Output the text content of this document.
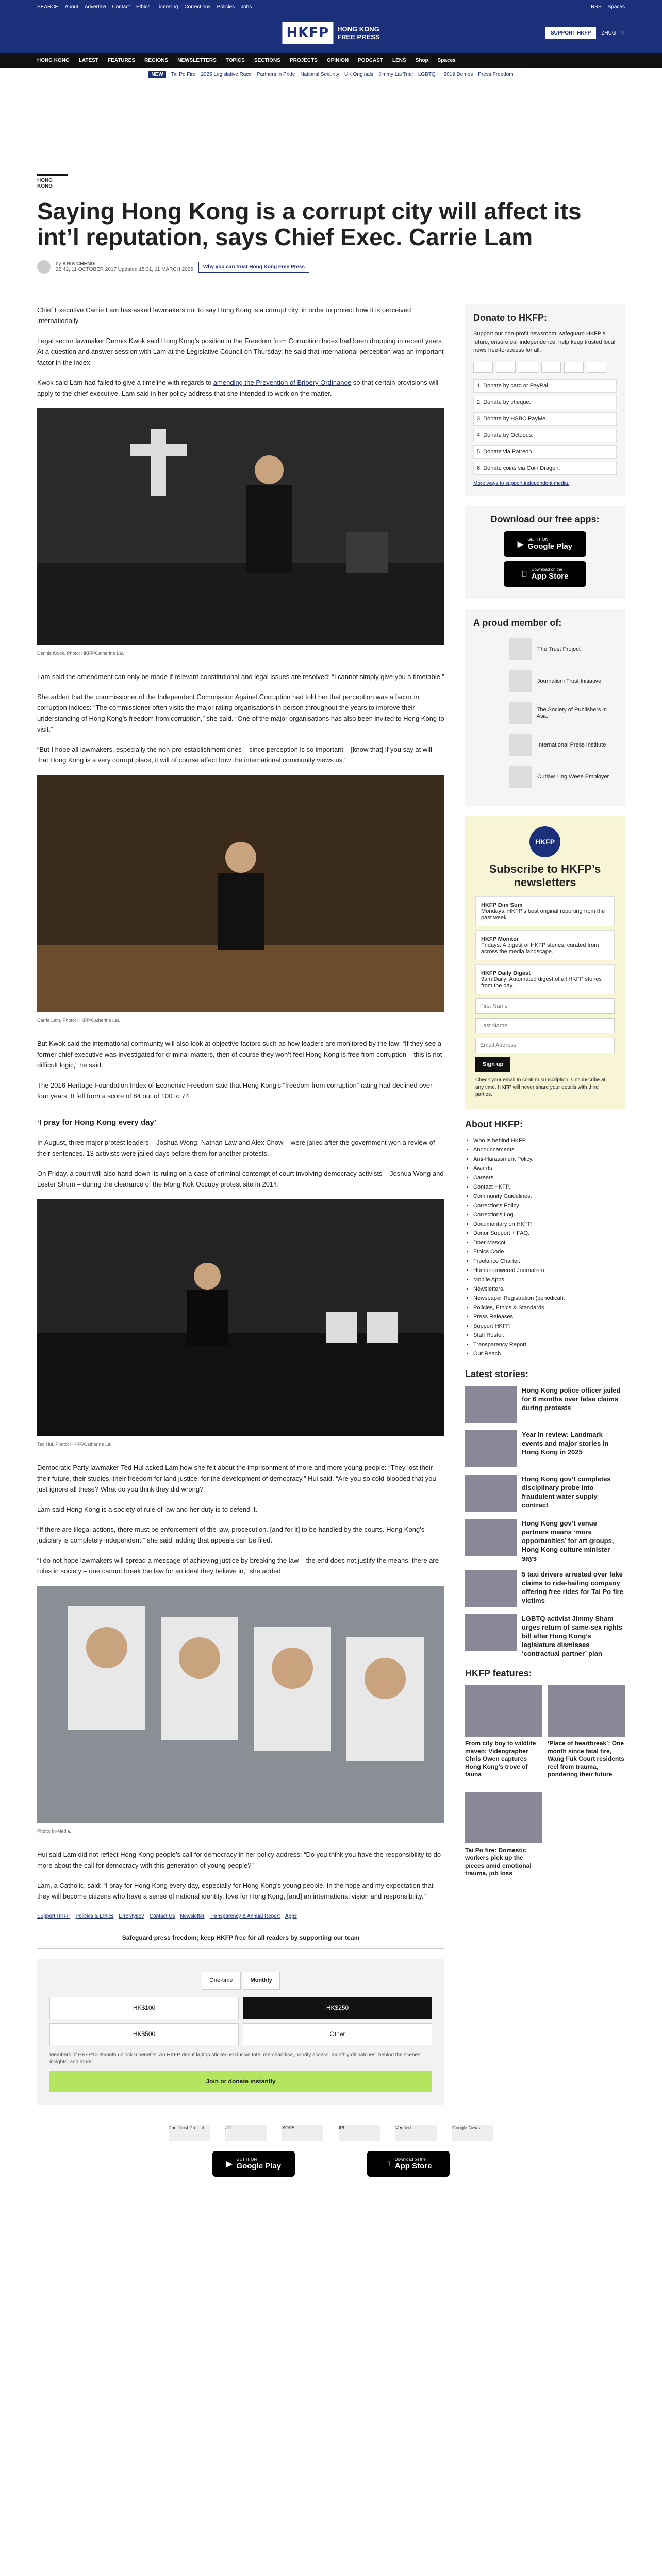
SEARCH About Advertise Contact Ethics Licensing Corrections Policies Jobs	RSS Spaces
HKFP	HONG KONG
FREE PRESS	SUPPORT HKFP	ZHUG ⚲
HONG KONG LATEST FEATURES REGIONS NEWSLETTERS TOPICS SECTIONS PROJECTS OPINION PODCAST LENS Shop Spaces
NEW	Tai Po Fire 2025 Legislative Race Partners in Pride National Security UK Originals Jimmy Lai Trial LGBTQ+ 2019 Demos Press Freedom
HONG KONG
Saying Hong Kong is a corrupt city will affect its int’l reputation, says Chief Exec. Carrie Lam
by KRIS CHENG
22:42, 11 OCTOBER 2017 Updated 15:31, 11 MARCH 2025	Why you can trust Hong Kong Free Press

Chief Executive Carrie Lam has asked lawmakers not to say Hong Kong is a corrupt city, in order to protect how it is perceived internationally.

Legal sector lawmaker Dennis Kwok said Hong Kong’s position in the Freedom from Corruption Index had been dropping in recent years. At a question and answer session with Lam at the Legislative Council on Thursday, he said that international perception was an important factor in the index.

Kwok said Lam had failed to give a timeline with regards to amending the Prevention of Bribery Ordinance so that certain provisions will apply to the chief executive. Lam said in her policy address that she intended to work on the matter.

Dennis Kwok. Photo: HKFP/Catherine Lai.

Lam said the amendment can only be made if relevant constitutional and legal issues are resolved: “I cannot simply give you a timetable.”

She added that the commissioner of the Independent Commission Against Corruption had told her that perception was a factor in corruption indices: “The commissioner often visits the major rating organisations in person throughout the years to improve their understanding of Hong Kong’s freedom from corruption,” she said. “One of the major organisations has also been invited to Hong Kong to visit.”

“But I hope all lawmakers, especially the non-pro-establishment ones – since perception is so important – [know that] if you say at will that Hong Kong is a very corrupt place, it will of course affect how the international community views us.”

Carrie Lam. Photo: HKFP/Catherine Lai.

But Kwok said the international community will also look at objective factors such as how leaders are monitored by the law: “If they see a former chief executive was investigated for criminal matters, then of course they won’t feel Hong Kong is free from corruption – this is not difficult logic,” he said.

The 2016 Heritage Foundation Index of Economic Freedom said that Hong Kong’s “freedom from corruption” rating had declined over four years. It fell from a score of 84 out of 100 to 74.

‘I pray for Hong Kong every day’

In August, three major protest leaders – Joshua Wong, Nathan Law and Alex Chow – were jailed after the government won a review of their sentences. 13 activists were jailed days before them for another protests.

On Friday, a court will also hand down its ruling on a case of criminal contempt of court involving democracy activists – Joshua Wong and Lester Shum – during the clearance of the Mong Kok Occupy protest site in 2014.

Ted Hui. Photo: HKFP/Catherine Lai.

Democratic Party lawmaker Ted Hui asked Lam how she felt about the imprisonment of more and more young people: “They lost their their future, their studies, their freedom for land justice, for the development of democracy,” Hui said. “Are you so cold-blooded that you just ignore all these? What do you think they did wrong?”

Lam said Hong Kong is a society of rule of law and her duty is to defend it.

“If there are illegal actions, there must be enforcement of the law, prosecution. [and for it] to be handled by the courts. Hong Kong’s judiciary is completely independent,” she said, adding that appeals can be filed.

“I do not hope lawmakers will spread a message of achieving justice by breaking the law – the end does not justify the means, there are rules in society – one cannot break the law for an ideal they believe in,” she added.

Photo: In-Media.

Hui said Lam did not reflect Hong Kong people’s call for democracy in her policy address: “Do you think you have the responsibility to do more about the call for democracy with this generation of young people?”

Lam, a Catholic, said: “I pray for Hong Kong every day, especially for Hong Kong’s young people. In the hope and my expectation that they will become citizens who have a sense of national identity, love for Hong Kong, [and] an international vision and responsibility.”

Support HKFP Policies & Ethics Error/typo? Contact Us Newsletter Transparency & Annual Report Apps
Safeguard press freedom; keep HKFP free for all readers by supporting our team
One-time	Monthly
HK$100	HK$250
HK$500	Other
Members of HKFP100/month unlock 6 benefits: An HKFP debut laptop sticker, exclusive tote, merchandise, priority access, monthly dispatches, behind the scenes insights, and more.
Join or donate instantly
Donate to HKFP:
Support our non-profit newsroom: safeguard HKFP’s future, ensure our independence, help keep trusted local news free-to-access for all.
1. Donate by card or PayPal.
2. Donate by cheque.
3. Donate by HSBC PayMe.
4. Donate by Octopus.
5. Donate via Patreon.
6. Donate coins via Coin Dragon.
More ways to support independent media.
Download our free apps:
▶
GET IT ON
Google Play
Download on the
App Store
A proud member of:
The Trust Project
Journalism Trust Initiative
The Society of Publishers in Asia
International Press Institute
Outlaw Ling Weee Employer
HKFP
Subscribe to HKFP’s newsletters
HKFP Dim Sum
Mondays: HKFP’s best original reporting from the past week.
HKFP Monitor
Fridays: A digest of HKFP stories, curated from across the media landscape.
HKFP Daily Digest
9am Daily: Automated digest of all HKFP stories from the day.
First Name Last Name Email Address Sign up
Check your email to confirm subscription. Unsubscribe at any time. HKFP will never share your details with third parties.
About HKFP:
• Who is behind HKFP.
• Announcements.
• Anti-Harassment Policy.
• Awards.
• Careers.
• Contact HKFP.
• Community Guidelines.
• Corrections Policy.
• Corrections Log.
• Documentary on HKFP.
• Donor Support + FAQ.
• Doer Mascot.
• Ethics Code.
• Freelance Charter.
• Human-powered Journalism.
• Mobile Apps.
• Newsletters.
• Newspaper Registration (periodical).
• Policies, Ethics & Standards.
• Press Releases.
• Support HKFP.
• Staff Roster.
• Transparency Report.
• Our Reach.
Latest stories:
Hong Kong police officer jailed for 6 months over false claims during protests
Year in review: Landmark events and major stories in Hong Kong in 2025
Hong Kong gov’t completes disciplinary probe into fraudulent water supply contract
Hong Kong gov’t venue partners means ‘more opportunities’ for art groups, Hong Kong culture minister says
5 taxi drivers arrested over fake claims to ride-hailing company offering free rides for Tai Po fire victims
LGBTQ activist Jimmy Sham urges return of same-sex rights bill after Hong Kong’s legislature dismisses ‘contractual partner’ plan
HKFP features:
From city boy to wildlife maven: Videographer Chris Owen captures Hong Kong’s trove of fauna
‘Place of heartbreak’: One month since fatal fire, Wang Fuk Court residents reel from trauma, pondering their future
Tai Po fire: Domestic workers pick up the pieces amid emotional trauma, job loss
The Trust Project	JTI	SOPA	IPI	Verified	Google News
▶
GET IT ON
Google Play
Download on the
App Store
